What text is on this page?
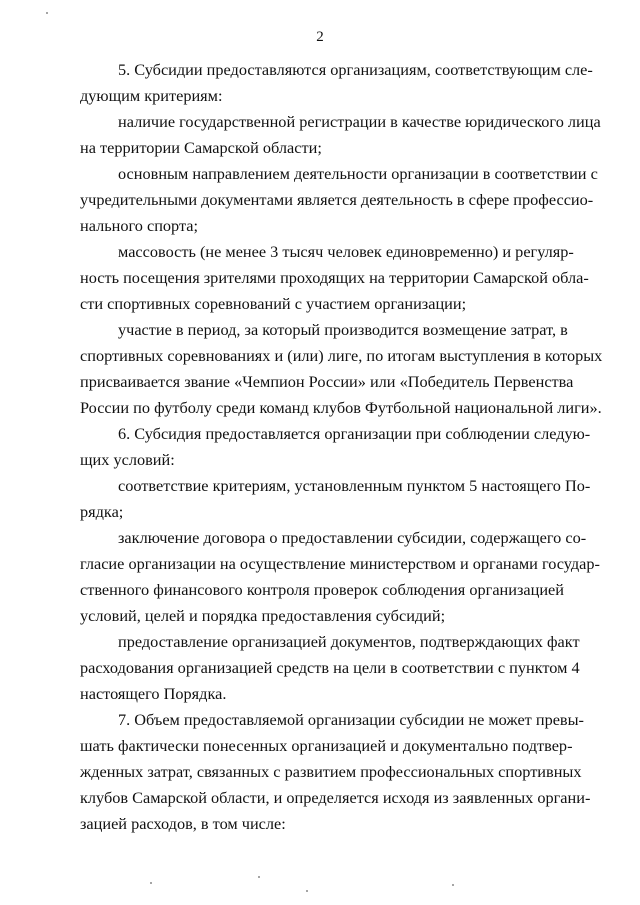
2
5. Субсидии предоставляются организациям, соответствующим сле-
дующим критериям:
наличие государственной регистрации в качестве юридического лица
на территории Самарской области;
основным направлением деятельности организации в соответствии с
учредительными документами является деятельность в сфере профессио-
нального спорта;
массовость (не менее 3 тысяч человек единовременно) и регуляр-
ность посещения зрителями проходящих на территории Самарской обла-
сти спортивных соревнований с участием организации;
участие в период, за который производится возмещение затрат, в
спортивных соревнованиях и (или) лиге, по итогам выступления в которых
присваивается звание «Чемпион России» или «Победитель Первенства
России по футболу среди команд клубов Футбольной национальной лиги».
6. Субсидия предоставляется организации при соблюдении следую-
щих условий:
соответствие критериям, установленным пунктом 5 настоящего По-
рядка;
заключение договора о предоставлении субсидии, содержащего со-
гласие организации на осуществление министерством и органами государ-
ственного финансового контроля проверок соблюдения организацией
условий, целей и порядка предоставления субсидий;
предоставление организацией документов, подтверждающих факт
расходования организацией средств на цели в соответствии с пунктом 4
настоящего Порядка.
7. Объем предоставляемой организации субсидии не может превы-
шать фактически понесенных организацией и документально подтвер-
жденных затрат, связанных с развитием профессиональных спортивных
клубов Самарской области, и определяется исходя из заявленных органи-
зацией расходов, в том числе:
